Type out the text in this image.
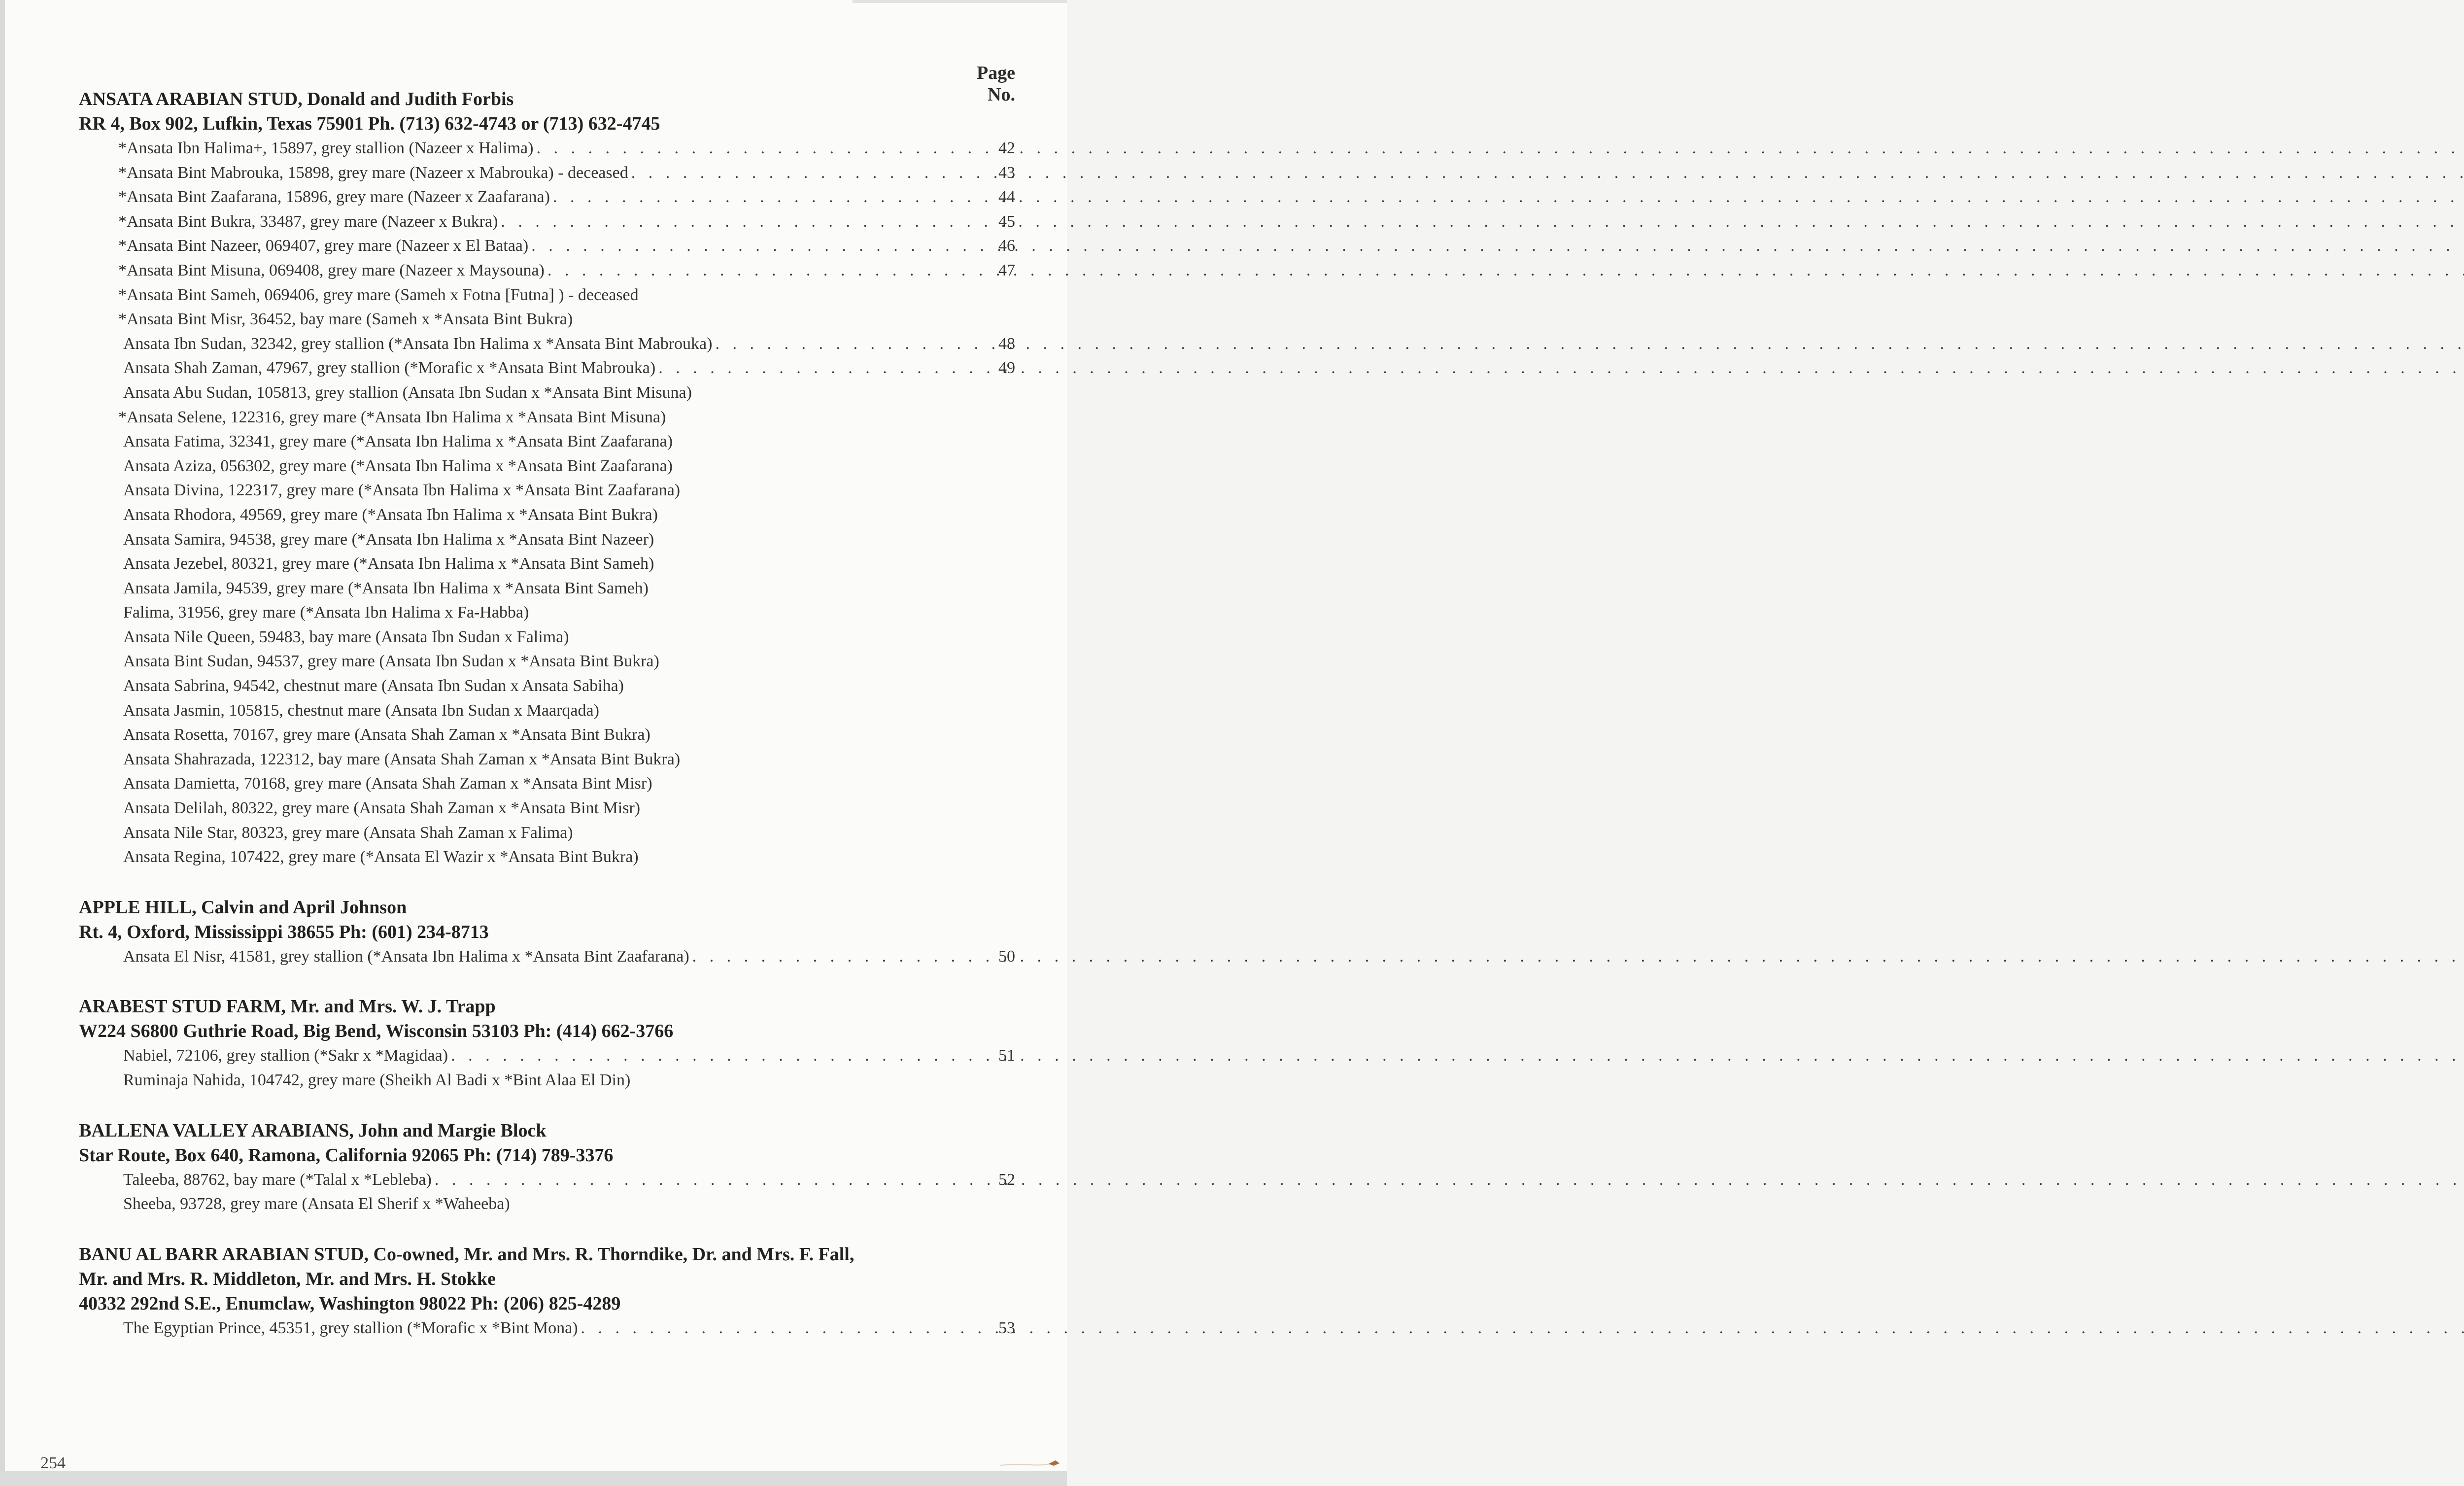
Page No.
ANSATA ARABIAN STUD, Donald and Judith Forbis
RR 4, Box 902, Lufkin, Texas 75901 Ph. (713) 632-4743 or (713) 632-4745
*Ansata Ibn Halima+, 15897, grey stallion (Nazeer x Halima) . . .	42
*Ansata Bint Mabrouka, 15898, grey mare (Nazeer x Mabrouka) - deceased . . .	43
*Ansata Bint Zaafarana, 15896, grey mare (Nazeer x Zaafarana) . . .	44
*Ansata Bint Bukra, 33487, grey mare (Nazeer x Bukra) . . .	45
*Ansata Bint Nazeer, 069407, grey mare (Nazeer x El Bataa) . . .	46
*Ansata Bint Misuna, 069408, grey mare (Nazeer x Maysouna) . . .	47
*Ansata Bint Sameh, 069406, grey mare (Sameh x Fotna [Futna] ) - deceased
*Ansata Bint Misr, 36452, bay mare (Sameh x *Ansata Bint Bukra)
Ansata Ibn Sudan, 32342, grey stallion (*Ansata Ibn Halima x *Ansata Bint Mabrouka) . . .	48
Ansata Shah Zaman, 47967, grey stallion (*Morafic x *Ansata Bint Mabrouka) . . .	49
Ansata Abu Sudan, 105813, grey stallion (Ansata Ibn Sudan x *Ansata Bint Misuna)
*Ansata Selene, 122316, grey mare (*Ansata Ibn Halima x *Ansata Bint Misuna)
Ansata Fatima, 32341, grey mare (*Ansata Ibn Halima x *Ansata Bint Zaafarana)
Ansata Aziza, 056302, grey mare (*Ansata Ibn Halima x *Ansata Bint Zaafarana)
Ansata Divina, 122317, grey mare (*Ansata Ibn Halima x *Ansata Bint Zaafarana)
Ansata Rhodora, 49569, grey mare (*Ansata Ibn Halima x *Ansata Bint Bukra)
Ansata Samira, 94538, grey mare (*Ansata Ibn Halima x *Ansata Bint Nazeer)
Ansata Jezebel, 80321, grey mare (*Ansata Ibn Halima x *Ansata Bint Sameh)
Ansata Jamila, 94539, grey mare (*Ansata Ibn Halima x *Ansata Bint Sameh)
Falima, 31956, grey mare (*Ansata Ibn Halima x Fa-Habba)
Ansata Nile Queen, 59483, bay mare (Ansata Ibn Sudan x Falima)
Ansata Bint Sudan, 94537, grey mare (Ansata Ibn Sudan x *Ansata Bint Bukra)
Ansata Sabrina, 94542, chestnut mare (Ansata Ibn Sudan x Ansata Sabiha)
Ansata Jasmin, 105815, chestnut mare (Ansata Ibn Sudan x Maarqada)
Ansata Rosetta, 70167, grey mare (Ansata Shah Zaman x *Ansata Bint Bukra)
Ansata Shahrazada, 122312, bay mare (Ansata Shah Zaman x *Ansata Bint Bukra)
Ansata Damietta, 70168, grey mare (Ansata Shah Zaman x *Ansata Bint Misr)
Ansata Delilah, 80322, grey mare (Ansata Shah Zaman x *Ansata Bint Misr)
Ansata Nile Star, 80323, grey mare (Ansata Shah Zaman x Falima)
Ansata Regina, 107422, grey mare (*Ansata El Wazir x *Ansata Bint Bukra)
APPLE HILL, Calvin and April Johnson
Rt. 4, Oxford, Mississippi 38655 Ph: (601) 234-8713
Ansata El Nisr, 41581, grey stallion (*Ansata Ibn Halima x *Ansata Bint Zaafarana) . . .	50
ARABEST STUD FARM, Mr. and Mrs. W. J. Trapp
W224 S6800 Guthrie Road, Big Bend, Wisconsin 53103 Ph: (414) 662-3766
Nabiel, 72106, grey stallion (*Sakr x *Magidaa) . . .	51
Ruminaja Nahida, 104742, grey mare (Sheikh Al Badi x *Bint Alaa El Din)
BALLENA VALLEY ARABIANS, John and Margie Block
Star Route, Box 640, Ramona, California 92065 Ph: (714) 789-3376
Taleeba, 88762, bay mare (*Talal x *Lebleba) . . .	52
Sheeba, 93728, grey mare (Ansata El Sherif x *Waheeba)
BANU AL BARR ARABIAN STUD, Co-owned, Mr. and Mrs. R. Thorndike, Dr. and Mrs. F. Fall,
Mr. and Mrs. R. Middleton, Mr. and Mrs. H. Stokke
40332 292nd S.E., Enumclaw, Washington 98022 Ph: (206) 825-4289
The Egyptian Prince, 45351, grey stallion (*Morafic x *Bint Mona) . . .	53
254
